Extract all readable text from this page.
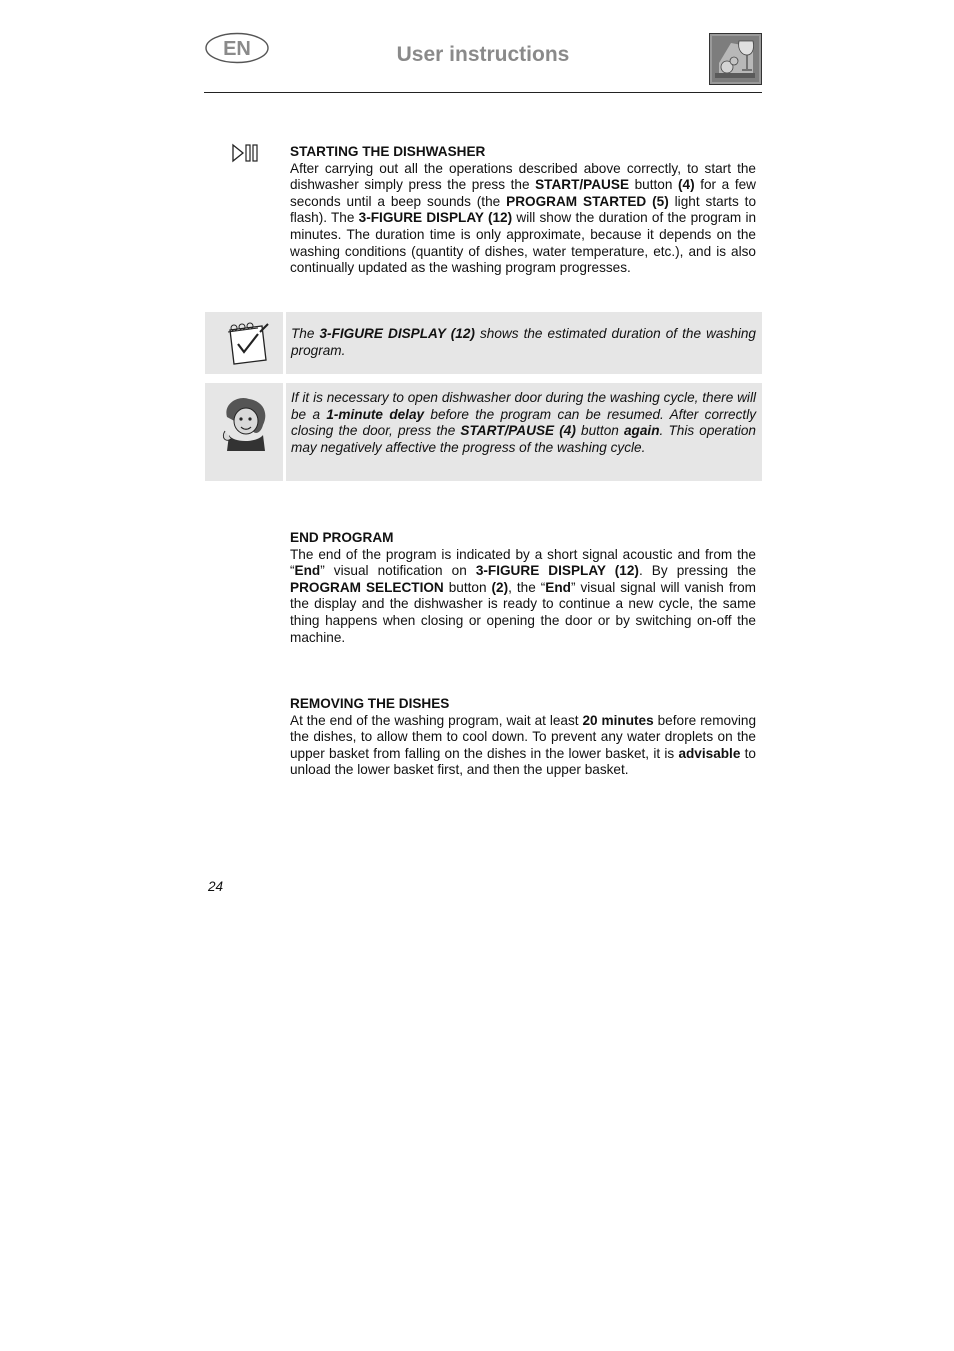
EN	User instructions

STARTING THE DISHWASHER

After carrying out all the operations described above correctly, to start the dishwasher simply press the press the START/PAUSE button (4) for a few seconds until a beep sounds (the PROGRAM STARTED (5) light starts to flash). The 3-FIGURE DISPLAY (12) will show the duration of the program in minutes. The duration time is only approximate, because it depends on the washing conditions (quantity of dishes, water temperature, etc.), and is also continually updated as the washing program progresses.

The 3-FIGURE DISPLAY (12) shows the estimated duration of the washing program.

If it is necessary to open dishwasher door during the washing cycle, there will be a 1-minute delay before the program can be resumed. After correctly closing the door, press the START/PAUSE (4) button again. This operation may negatively affective the progress of the washing cycle.

END PROGRAM

The end of the program is indicated by a short signal acoustic and from the “End” visual notification on 3-FIGURE DISPLAY (12). By pressing the PROGRAM SELECTION button (2), the “End” visual signal will vanish from the display and the dishwasher is ready to continue a new cycle, the same thing happens when closing or opening the door or by switching on-off the machine.

REMOVING THE DISHES

At the end of the washing program, wait at least 20 minutes before removing the dishes, to allow them to cool down. To prevent any water droplets on the upper basket from falling on the dishes in the lower basket, it is advisable to unload the lower basket first, and then the upper basket.

24
